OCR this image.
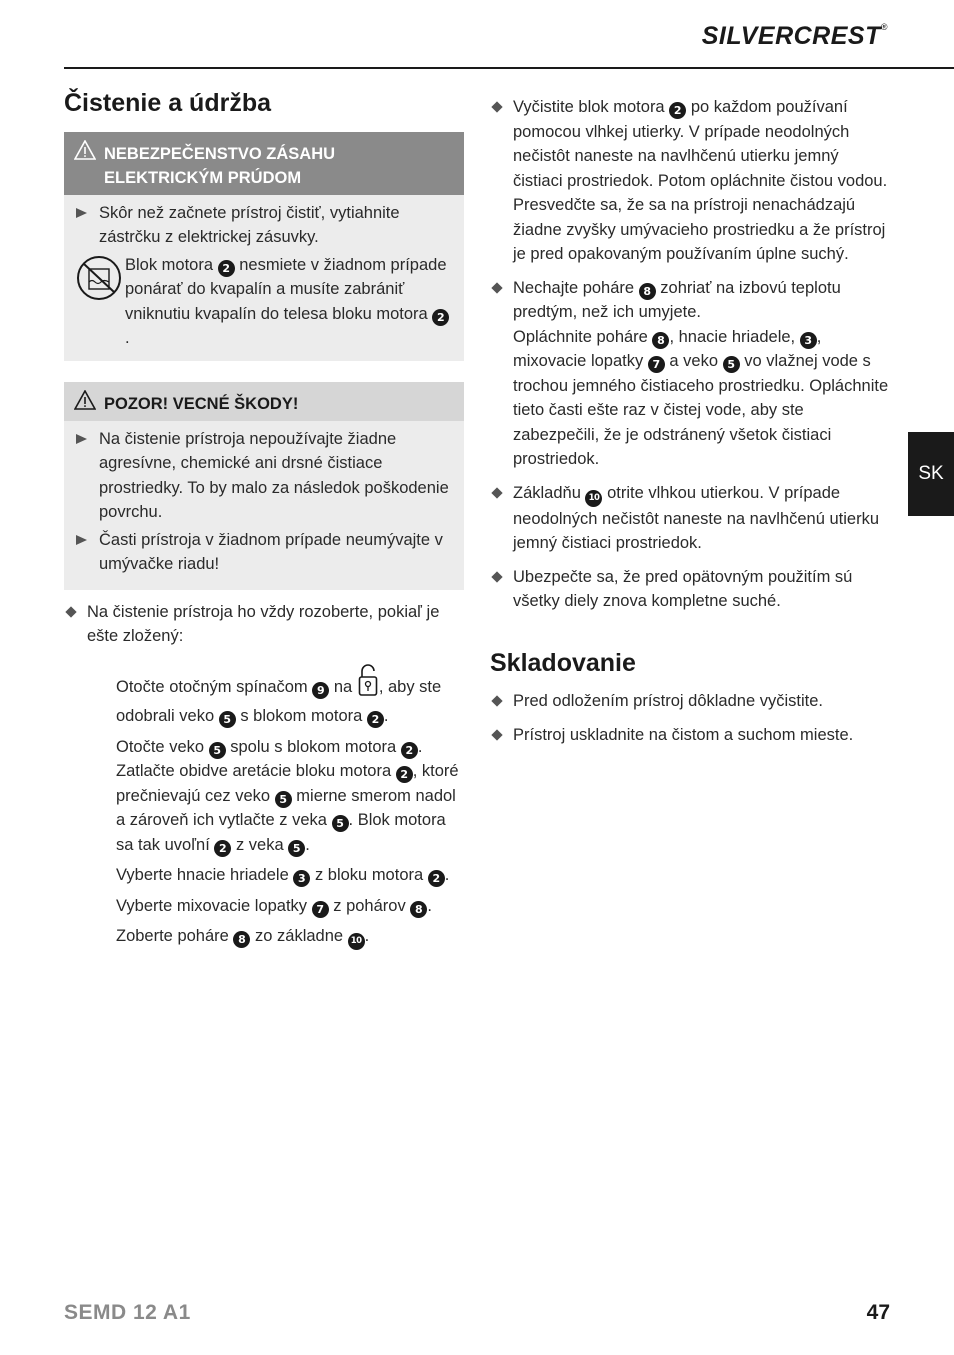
SILVERCREST®
SK
Čistenie a údržba
NEBEZPEČENSTVO ZÁSAHU
ELEKTRICKÝM PRÚDOM
Skôr než začnete prístroj čistiť, vytiahnite zástrčku z elektrickej zásuvky.
Blok motora 2 nesmiete v žiadnom prípade ponárať do kvapalín a musíte zabrániť vniknutiu kvapalín do telesa bloku motora 2.
POZOR! VECNÉ ŠKODY!
Na čistenie prístroja nepoužívajte žiadne agresívne, chemické ani drsné čistiace prostriedky. To by malo za následok poškodenie povrchu.
Časti prístroja v žiadnom prípade neumývajte v umývačke riadu!
Na čistenie prístroja ho vždy rozoberte, pokiaľ je ešte zložený:

Otočte otočným spínačom 9 na , aby ste odobrali veko 5 s blokom motora 2 .

Otočte veko 5 spolu s blokom motora 2 . Zatlačte obidve aretácie bloku motora 2 , ktoré prečnievajú cez veko 5 mierne smerom nadol a zároveň ich vytlačte z veka 5 . Blok motora sa tak uvoľní 2 z veka 5 .

Vyberte hnacie hriadele 3 z bloku motora 2 .

Vyberte mixovacie lopatky 7 z pohárov 8 .

Zoberte poháre 8 zo základne 10 .

Vyčistite blok motora 2 po každom používaní pomocou vlhkej utierky. V prípade neodolných nečistôt naneste na navlhčenú utierku jemný čistiaci prostriedok. Potom opláchnite čistou vodou. Presvedčte sa, že sa na prístroji nenachádzajú žiadne zvyšky umývacieho prostriedku a že prístroj je pred opakovaným používaním úplne suchý.
Nechajte poháre 8 zohriať na izbovú teplotu predtým, než ich umyjete.
Opláchnite poháre 8 , hnacie hriadele, 3 , mixovacie lopatky 7 a veko 5 vo vlažnej vode s trochou jemného čistiaceho prostriedku. Opláchnite tieto časti ešte raz v čistej vode, aby ste zabezpečili, že je odstránený všetok čistiaci prostriedok.
Základňu 10 otrite vlhkou utierkou. V prípade neodolných nečistôt naneste na navlhčenú utierku jemný čistiaci prostriedok.
Ubezpečte sa, že pred opätovným použitím sú všetky diely znova kompletne suché.
Skladovanie
Pred odložením prístroj dôkladne vyčistite.
Prístroj uskladnite na čistom a suchom mieste.
SEMD 12 A1	47
